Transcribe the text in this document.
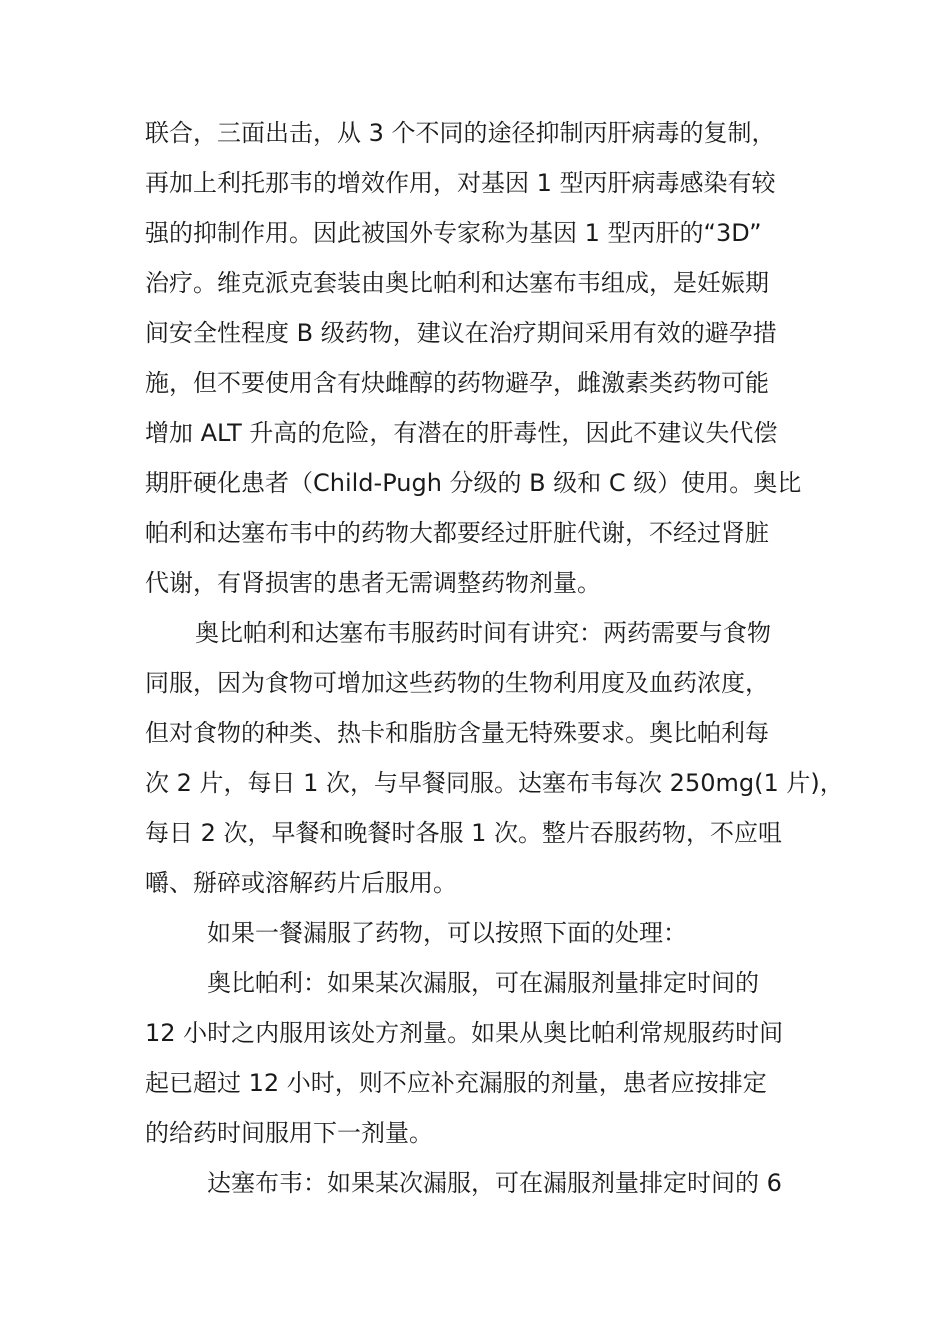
联合，三面出击，从 3 个不同的途径抑制丙肝病毒的复制，
再加上利托那韦的增效作用，对基因 1 型丙肝病毒感染有较
强的抑制作用。因此被国外专家称为基因 1 型丙肝的“3D”
治疗。维克派克套装由奥比帕利和达塞布韦组成，是妊娠期
间安全性程度 B 级药物，建议在治疗期间采用有效的避孕措
施，但不要使用含有炔雌醇的药物避孕，雌激素类药物可能
增加 ALT 升高的危险，有潜在的肝毒性，因此不建议失代偿
期肝硬化患者（Child-Pugh 分级的 B 级和 C 级）使用。奥比
帕利和达塞布韦中的药物大都要经过肝脏代谢，不经过肾脏
代谢，有肾损害的患者无需调整药物剂量。
奥比帕利和达塞布韦服药时间有讲究：两药需要与食物
同服，因为食物可增加这些药物的生物利用度及血药浓度，
但对食物的种类、热卡和脂肪含量无特殊要求。奥比帕利每
次 2 片，每日 1 次，与早餐同服。达塞布韦每次 250mg(1 片)，
每日 2 次，早餐和晚餐时各服 1 次。整片吞服药物，不应咀
嚼、掰碎或溶解药片后服用。
如果一餐漏服了药物，可以按照下面的处理：
奥比帕利：如果某次漏服，可在漏服剂量排定时间的
12 小时之内服用该处方剂量。如果从奥比帕利常规服药时间
起已超过 12 小时，则不应补充漏服的剂量，患者应按排定
的给药时间服用下一剂量。
达塞布韦：如果某次漏服，可在漏服剂量排定时间的 6
